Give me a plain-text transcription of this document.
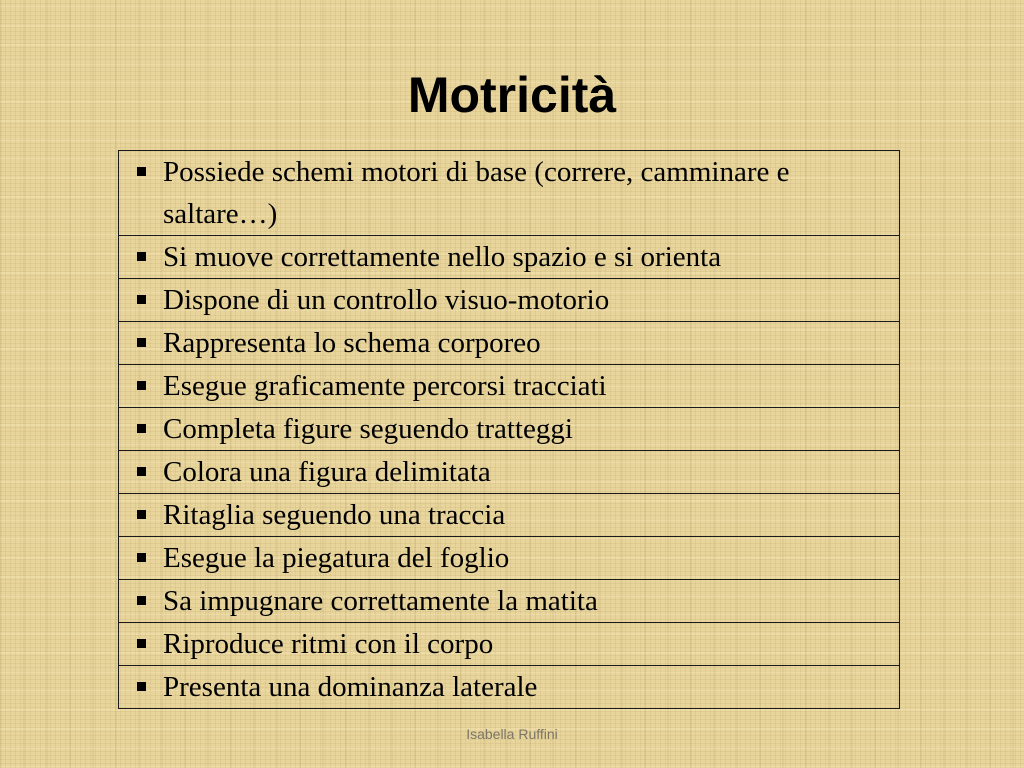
Motricità
Possiede schemi motori di base (correre, camminare e saltare…)

Si muove correttamente nello spazio e si orienta

Dispone di un controllo visuo-motorio

Rappresenta lo schema corporeo

Esegue graficamente percorsi tracciati

Completa figure seguendo tratteggi

Colora una figura delimitata

Ritaglia seguendo una traccia

Esegue la piegatura del foglio

Sa impugnare correttamente la matita

Riproduce ritmi con il corpo

Presenta una dominanza laterale
Isabella Ruffini
